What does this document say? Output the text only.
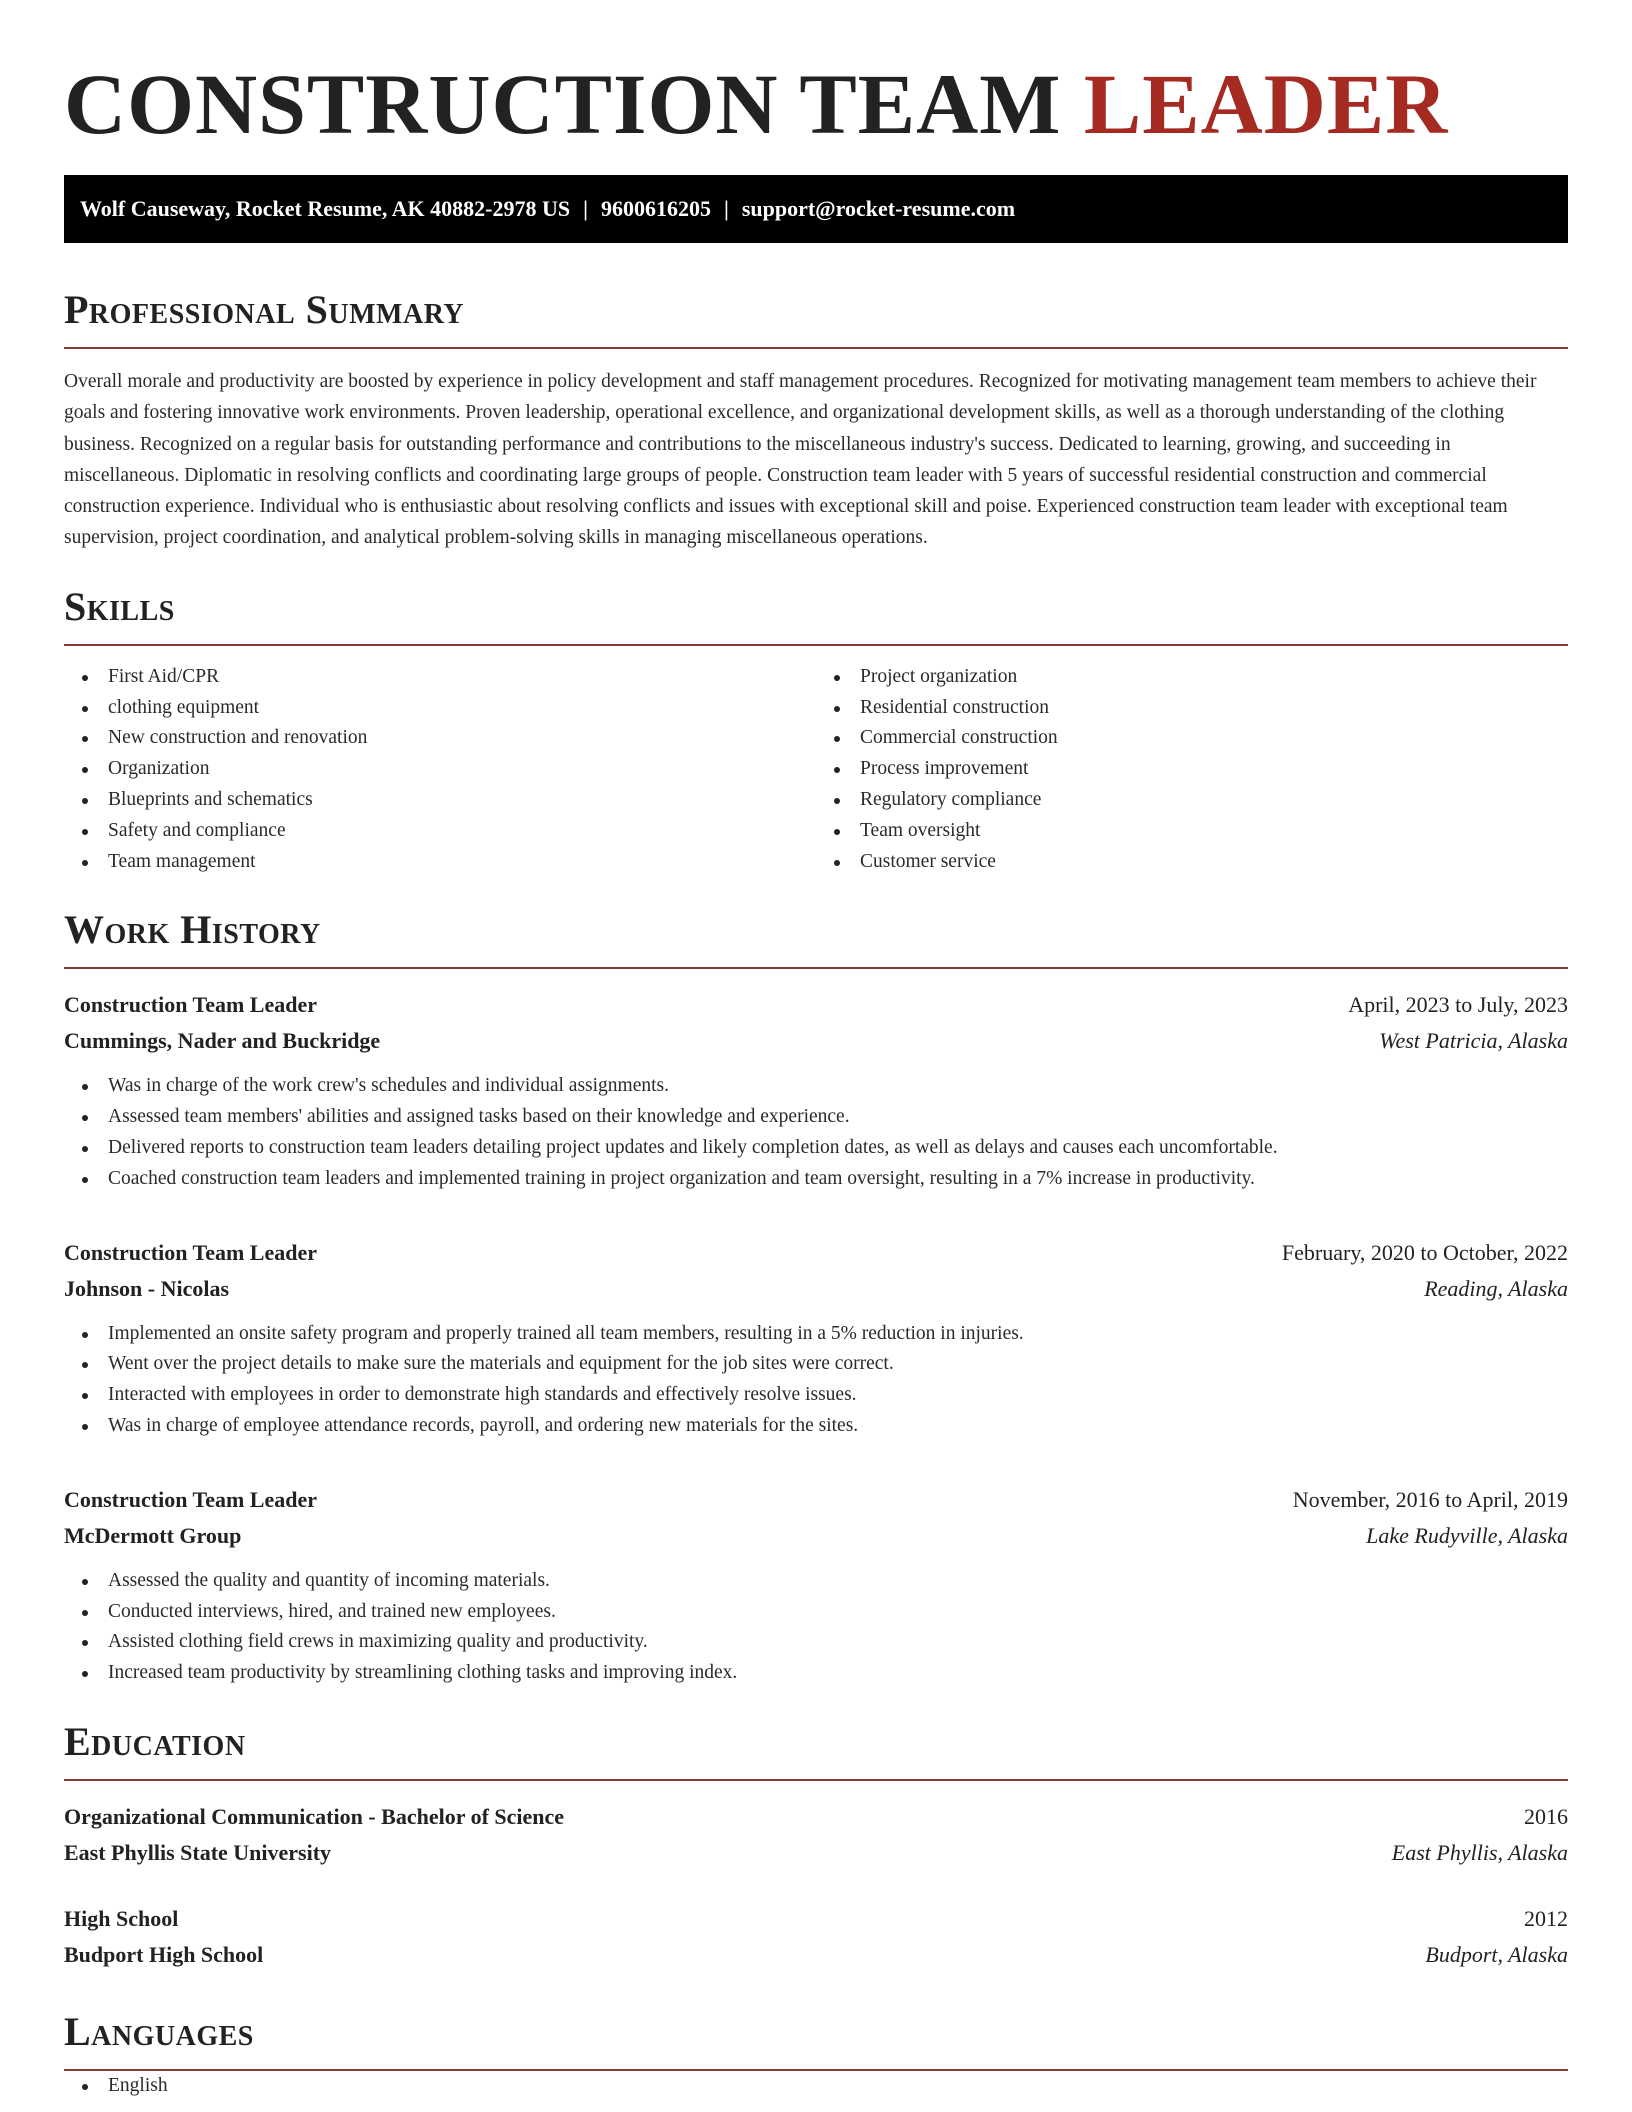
CONSTRUCTION TEAM LEADER
Wolf Causeway, Rocket Resume, AK 40882-2978 US | 9600616205 | support@rocket-resume.com
Professional Summary

Overall morale and productivity are boosted by experience in policy development and staff management procedures. Recognized for motivating management team members to achieve their goals and fostering innovative work environments. Proven leadership, operational excellence, and organizational development skills, as well as a thorough understanding of the clothing business. Recognized on a regular basis for outstanding performance and contributions to the miscellaneous industry's success. Dedicated to learning, growing, and succeeding in miscellaneous. Diplomatic in resolving conflicts and coordinating large groups of people. Construction team leader with 5 years of successful residential construction and commercial construction experience. Individual who is enthusiastic about resolving conflicts and issues with exceptional skill and poise. Experienced construction team leader with exceptional team supervision, project coordination, and analytical problem-solving skills in managing miscellaneous operations.

Skills
First Aid/CPR
clothing equipment
New construction and renovation
Organization
Blueprints and schematics
Safety and compliance
Team management
Project organization
Residential construction
Commercial construction
Process improvement
Regulatory compliance
Team oversight
Customer service
Work History
Construction Team Leader	April, 2023 to July, 2023
Cummings, Nader and Buckridge	West Patricia, Alaska
Was in charge of the work crew's schedules and individual assignments.
Assessed team members' abilities and assigned tasks based on their knowledge and experience.
Delivered reports to construction team leaders detailing project updates and likely completion dates, as well as delays and causes each uncomfortable.
Coached construction team leaders and implemented training in project organization and team oversight, resulting in a 7% increase in productivity.
Construction Team Leader	February, 2020 to October, 2022
Johnson - Nicolas	Reading, Alaska
Implemented an onsite safety program and properly trained all team members, resulting in a 5% reduction in injuries.
Went over the project details to make sure the materials and equipment for the job sites were correct.
Interacted with employees in order to demonstrate high standards and effectively resolve issues.
Was in charge of employee attendance records, payroll, and ordering new materials for the sites.
Construction Team Leader	November, 2016 to April, 2019
McDermott Group	Lake Rudyville, Alaska
Assessed the quality and quantity of incoming materials.
Conducted interviews, hired, and trained new employees.
Assisted clothing field crews in maximizing quality and productivity.
Increased team productivity by streamlining clothing tasks and improving index.
Education
Organizational Communication - Bachelor of Science	2016
East Phyllis State University	East Phyllis, Alaska
High School	2012
Budport High School	Budport, Alaska
Languages
English
